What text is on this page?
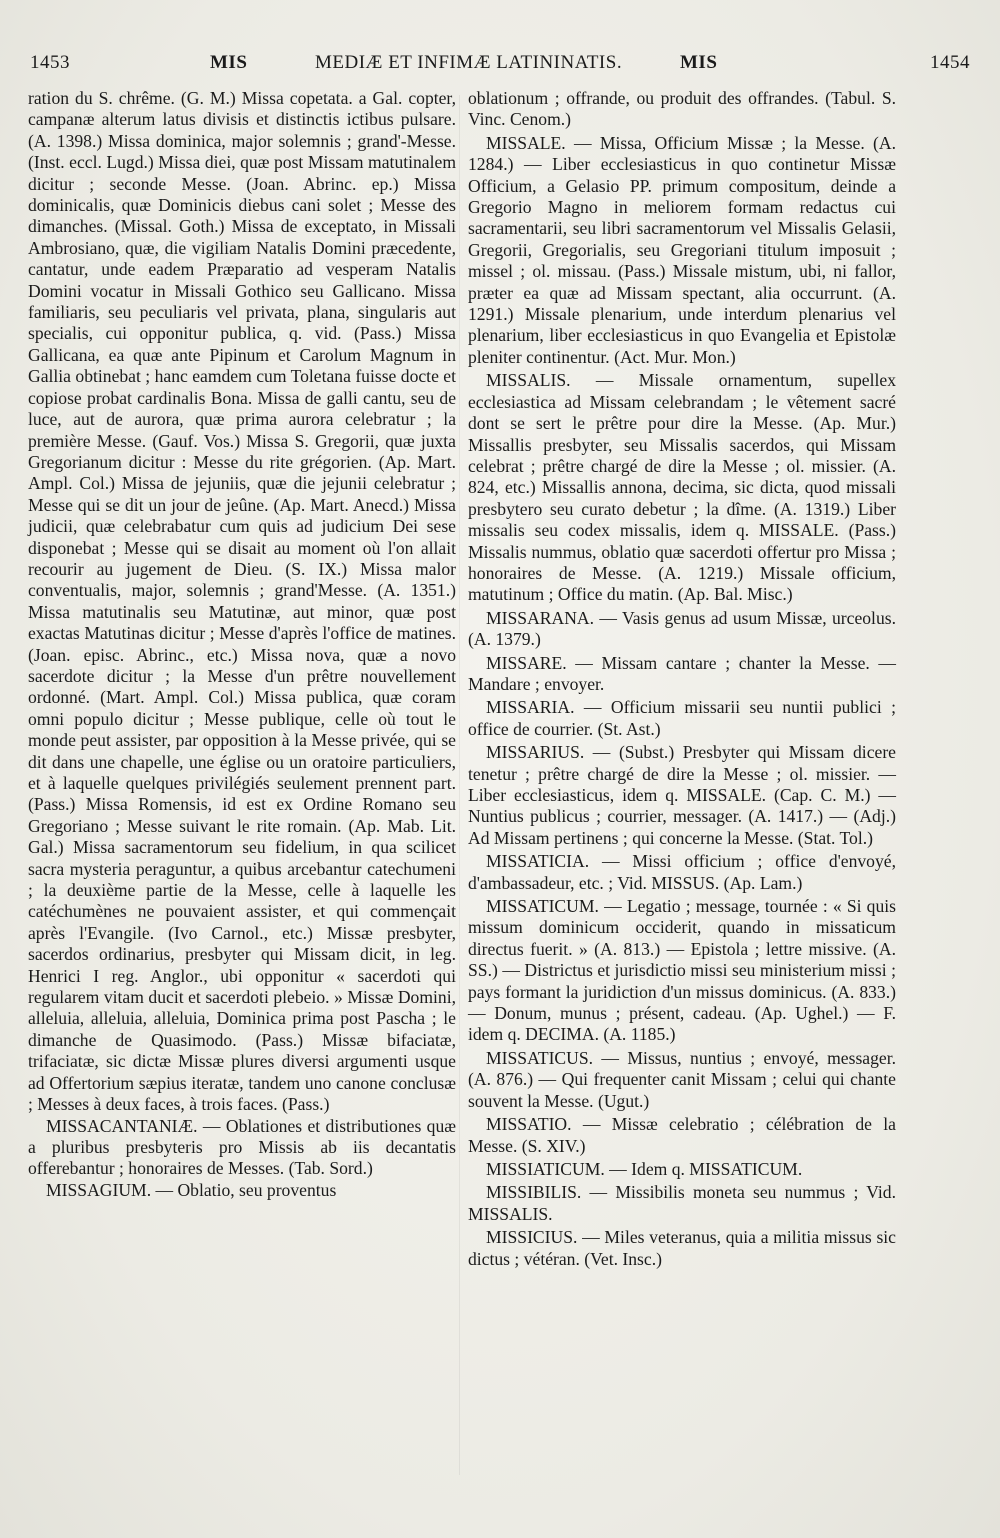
1453	MIS	MEDIÆ ET INFIMÆ LATININATIS.	MIS	1454

ration du S. chrême. (G. M.) Missa copetata. a Gal. copter, campanæ alterum latus divisis et distinctis ictibus pulsare. (A. 1398.) Missa dominica, major solemnis ; grand'-Messe. (Inst. eccl. Lugd.) Missa diei, quæ post Missam matutinalem dicitur ; seconde Messe. (Joan. Abrinc. ep.) Missa dominicalis, quæ Dominicis diebus cani solet ; Messe des dimanches. (Missal. Goth.) Missa de exceptato, in Missali Ambrosiano, quæ, die vigiliam Natalis Domini præcedente, cantatur, unde eadem Præparatio ad vesperam Natalis Domini vocatur in Missali Gothico seu Gallicano. Missa familiaris, seu peculiaris vel privata, plana, singularis aut specialis, cui opponitur publica, q. vid. (Pass.) Missa Gallicana, ea quæ ante Pipinum et Carolum Magnum in Gallia obtinebat ; hanc eamdem cum Toletana fuisse docte et copiose probat cardinalis Bona. Missa de galli cantu, seu de luce, aut de aurora, quæ prima aurora celebratur ; la première Messe. (Gauf. Vos.) Missa S. Gregorii, quæ juxta Gregorianum dicitur : Messe du rite grégorien. (Ap. Mart. Ampl. Col.) Missa de jejuniis, quæ die jejunii celebratur ; Messe qui se dit un jour de jeûne. (Ap. Mart. Anecd.) Missa judicii, quæ celebrabatur cum quis ad judicium Dei sese disponebat ; Messe qui se disait au moment où l'on allait recourir au jugement de Dieu. (S. IX.) Missa malor conventualis, major, solemnis ; grand'Messe. (A. 1351.) Missa matutinalis seu Matutinæ, aut minor, quæ post exactas Matutinas dicitur ; Messe d'après l'office de matines. (Joan. episc. Abrinc., etc.) Missa nova, quæ a novo sacerdote dicitur ; la Messe d'un prêtre nouvellement ordonné. (Mart. Ampl. Col.) Missa publica, quæ coram omni populo dicitur ; Messe publique, celle où tout le monde peut assister, par opposition à la Messe privée, qui se dit dans une chapelle, une église ou un oratoire particuliers, et à laquelle quelques privilégiés seulement prennent part. (Pass.) Missa Romensis, id est ex Ordine Romano seu Gregoriano ; Messe suivant le rite romain. (Ap. Mab. Lit. Gal.) Missa sacramentorum seu fidelium, in qua scilicet sacra mysteria peraguntur, a quibus arcebantur catechumeni ; la deuxième partie de la Messe, celle à laquelle les catéchumènes ne pouvaient assister, et qui commençait après l'Evangile. (Ivo Carnol., etc.) Missæ presbyter, sacerdos ordinarius, presbyter qui Missam dicit, in leg. Henrici I reg. Anglor., ubi opponitur « sacerdoti qui regularem vitam ducit et sacerdoti plebeio. » Missæ Domini, alleluia, alleluia, alleluia, Dominica prima post Pascha ; le dimanche de Quasimodo. (Pass.) Missæ bifaciatæ, trifaciatæ, sic dictæ Missæ plures diversi argumenti usque ad Offertorium sæpius iteratæ, tandem uno canone conclusæ ; Messes à deux faces, à trois faces. (Pass.)

MISSACANTANIÆ. — Oblationes et distributiones quæ a pluribus presbyteris pro Missis ab iis decantatis offerebantur ; honoraires de Messes. (Tab. Sord.)

MISSAGIUM. — Oblatio, seu proventus

oblationum ; offrande, ou produit des offrandes. (Tabul. S. Vinc. Cenom.)

MISSALE. — Missa, Officium Missæ ; la Messe. (A. 1284.) — Liber ecclesiasticus in quo continetur Missæ Officium, a Gelasio PP. primum compositum, deinde a Gregorio Magno in meliorem formam redactus cui sacramentarii, seu libri sacramentorum vel Missalis Gelasii, Gregorii, Gregorialis, seu Gregoriani titulum imposuit ; missel ; ol. missau. (Pass.) Missale mistum, ubi, ni fallor, præter ea quæ ad Missam spectant, alia occurrunt. (A. 1291.) Missale plenarium, unde interdum plenarius vel plenarium, liber ecclesiasticus in quo Evangelia et Epistolæ pleniter continentur. (Act. Mur. Mon.)

MISSALIS. — Missale ornamentum, supellex ecclesiastica ad Missam celebrandam ; le vêtement sacré dont se sert le prêtre pour dire la Messe. (Ap. Mur.) Missallis presbyter, seu Missalis sacerdos, qui Missam celebrat ; prêtre chargé de dire la Messe ; ol. missier. (A. 824, etc.) Missallis annona, decima, sic dicta, quod missali presbytero seu curato debetur ; la dîme. (A. 1319.) Liber missalis seu codex missalis, idem q. MISSALE. (Pass.) Missalis nummus, oblatio quæ sacerdoti offertur pro Missa ; honoraires de Messe. (A. 1219.) Missale officium, matutinum ; Office du matin. (Ap. Bal. Misc.)

MISSARANA. — Vasis genus ad usum Missæ, urceolus. (A. 1379.)

MISSARE. — Missam cantare ; chanter la Messe. — Mandare ; envoyer.

MISSARIA. — Officium missarii seu nuntii publici ; office de courrier. (St. Ast.)

MISSARIUS. — (Subst.) Presbyter qui Missam dicere tenetur ; prêtre chargé de dire la Messe ; ol. missier. — Liber ecclesiasticus, idem q. MISSALE. (Cap. C. M.) — Nuntius publicus ; courrier, messager. (A. 1417.) — (Adj.) Ad Missam pertinens ; qui concerne la Messe. (Stat. Tol.)

MISSATICIA. — Missi officium ; office d'envoyé, d'ambassadeur, etc. ; Vid. MISSUS. (Ap. Lam.)

MISSATICUM. — Legatio ; message, tournée : « Si quis missum dominicum occiderit, quando in missaticum directus fuerit. » (A. 813.) — Epistola ; lettre missive. (A. SS.) — Districtus et jurisdictio missi seu ministerium missi ; pays formant la juridiction d'un missus dominicus. (A. 833.) — Donum, munus ; présent, cadeau. (Ap. Ughel.) — F. idem q. DECIMA. (A. 1185.)

MISSATICUS. — Missus, nuntius ; envoyé, messager. (A. 876.) — Qui frequenter canit Missam ; celui qui chante souvent la Messe. (Ugut.)

MISSATIO. — Missæ celebratio ; célébration de la Messe. (S. XIV.)

MISSIATICUM. — Idem q. MISSATICUM.

MISSIBILIS. — Missibilis moneta seu nummus ; Vid. MISSALIS.

MISSICIUS. — Miles veteranus, quia a militia missus sic dictus ; vétéran. (Vet. Insc.)
